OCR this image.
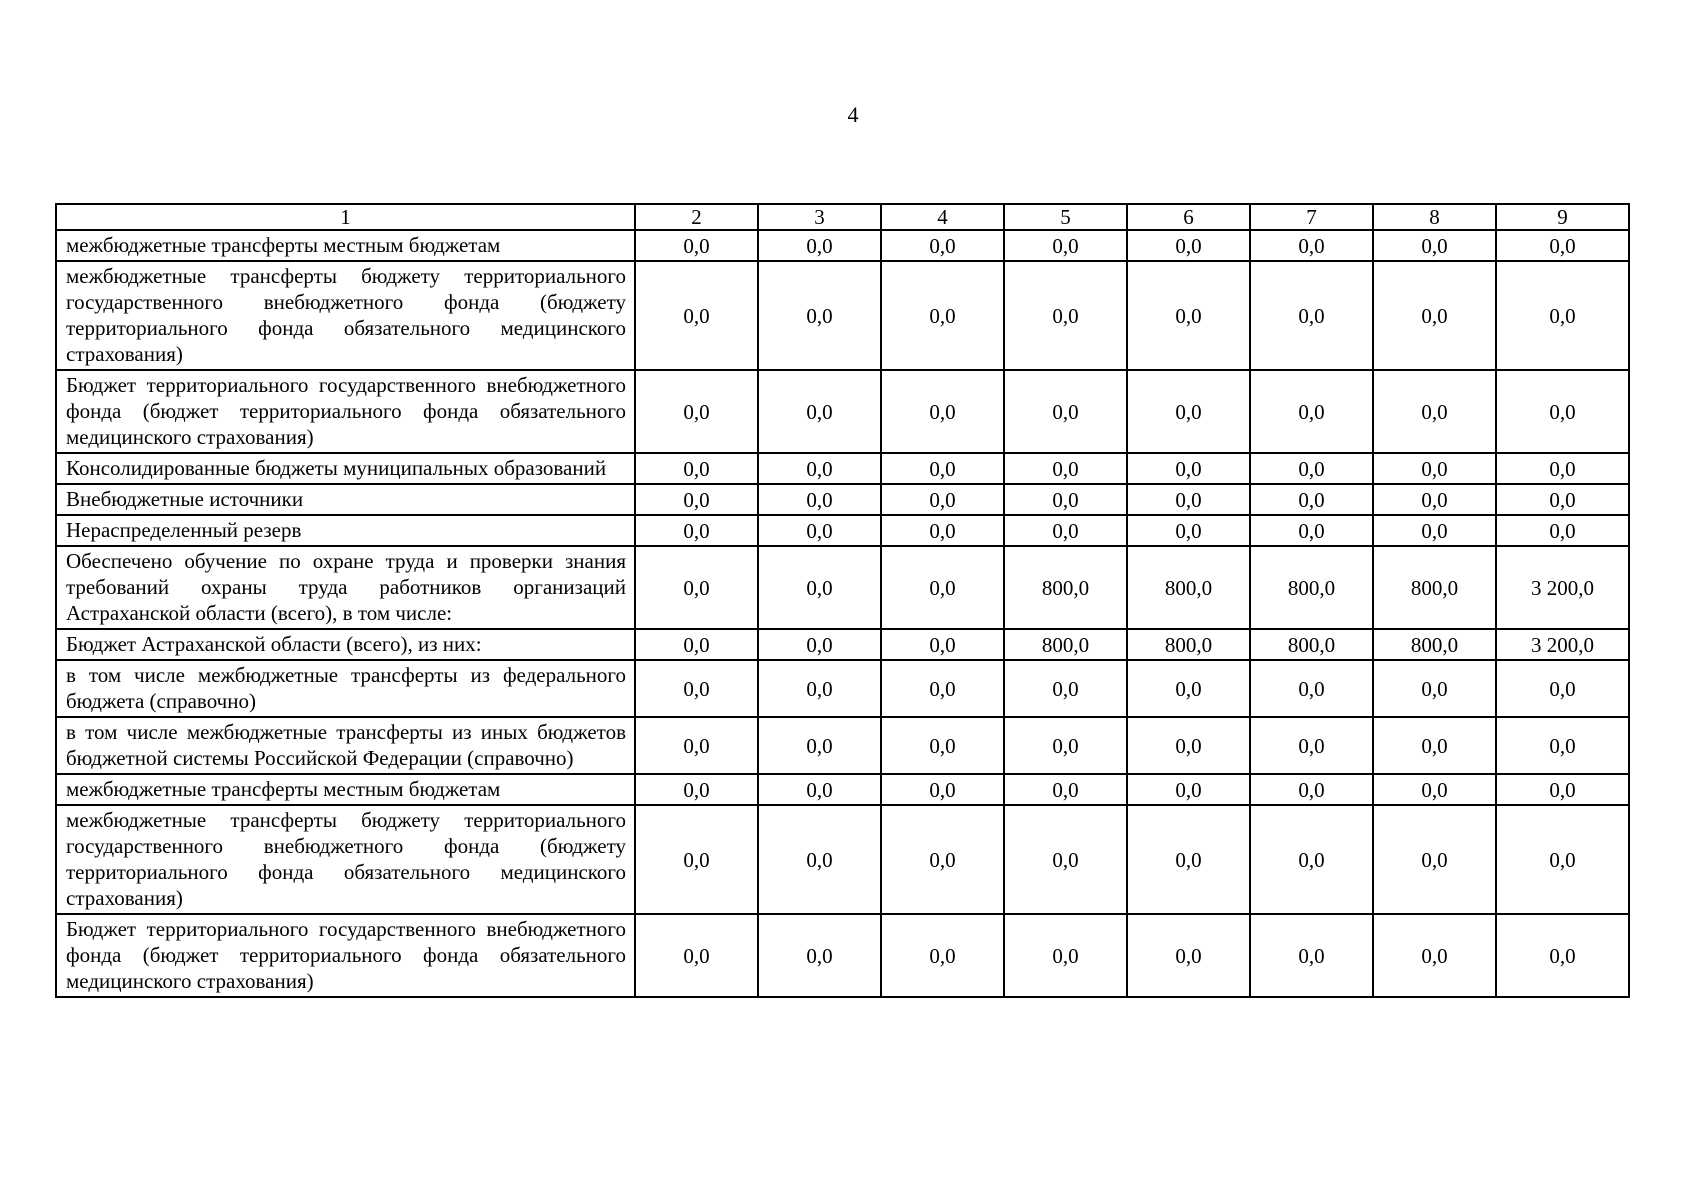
4
1	2	3	4	5	6	7	8	9
межбюджетные трансферты местным бюджетам	0,0	0,0	0,0	0,0	0,0	0,0	0,0	0,0
межбюджетные трансферты бюджету территориального государственного внебюджетного фонда (бюджету территориального фонда обязательного медицинского страхования)	0,0	0,0	0,0	0,0	0,0	0,0	0,0	0,0
Бюджет территориального государственного внебюджетного фонда (бюджет территориального фонда обязательного медицинского страхования)	0,0	0,0	0,0	0,0	0,0	0,0	0,0	0,0
Консолидированные бюджеты муниципальных образований	0,0	0,0	0,0	0,0	0,0	0,0	0,0	0,0
Внебюджетные источники	0,0	0,0	0,0	0,0	0,0	0,0	0,0	0,0
Нераспределенный резерв	0,0	0,0	0,0	0,0	0,0	0,0	0,0	0,0
Обеспечено обучение по охране труда и проверки знания требований охраны труда работников организаций Астраханской области (всего), в том числе:	0,0	0,0	0,0	800,0	800,0	800,0	800,0	3 200,0
Бюджет Астраханской области (всего), из них:	0,0	0,0	0,0	800,0	800,0	800,0	800,0	3 200,0
в том числе межбюджетные трансферты из федерального бюджета (справочно)	0,0	0,0	0,0	0,0	0,0	0,0	0,0	0,0
в том числе межбюджетные трансферты из иных бюджетов бюджетной системы Российской Федерации (справочно)	0,0	0,0	0,0	0,0	0,0	0,0	0,0	0,0
межбюджетные трансферты местным бюджетам	0,0	0,0	0,0	0,0	0,0	0,0	0,0	0,0
межбюджетные трансферты бюджету территориального государственного внебюджетного фонда (бюджету территориального фонда обязательного медицинского страхования)	0,0	0,0	0,0	0,0	0,0	0,0	0,0	0,0
Бюджет территориального государственного внебюджетного фонда (бюджет территориального фонда обязательного медицинского страхования)	0,0	0,0	0,0	0,0	0,0	0,0	0,0	0,0
